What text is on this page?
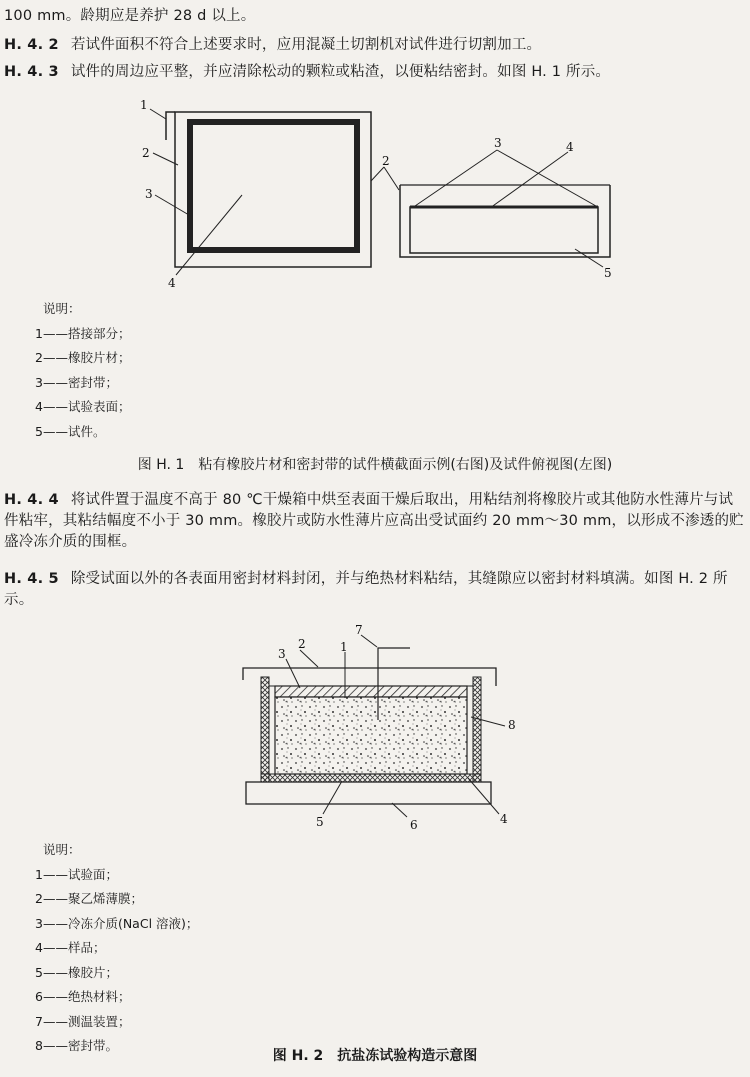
100 mm。龄期应是养护 28 d 以上。
H. 4. 2 若试件面积不符合上述要求时，应用混凝土切割机对试件进行切割加工。
H. 4. 3 试件的周边应平整，并应清除松动的颗粒或粘渣，以便粘结密封。如图 H. 1 所示。
1
2
3
4
2
3	4
5
说明：
1——搭接部分；
2——橡胶片材；
3——密封带；
4——试验表面；
5——试件。
图 H. 1　粘有橡胶片材和密封带的试件横截面示例(右图)及试件俯视图(左图)
H. 4. 4 将试件置于温度不高于 80 ℃干燥箱中烘至表面干燥后取出，用粘结剂将橡胶片或其他防水性薄片与试件粘牢，其粘结幅度不小于 30 mm。橡胶片或防水性薄片应高出受试面约 20 mm～30 mm，以形成不渗透的贮盛冷冻介质的围框。
H. 4. 5 除受试面以外的各表面用密封材料封闭，并与绝热材料粘结，其缝隙应以密封材料填满。如图 H. 2 所示。
3
2
7
1
8
5	6	4
说明：
1——试验面；
2——聚乙烯薄膜；
3——冷冻介质(NaCl 溶液)；
4——样品；
5——橡胶片；
6——绝热材料；
7——测温装置；
8——密封带。
图 H. 2　抗盐冻试验构造示意图
